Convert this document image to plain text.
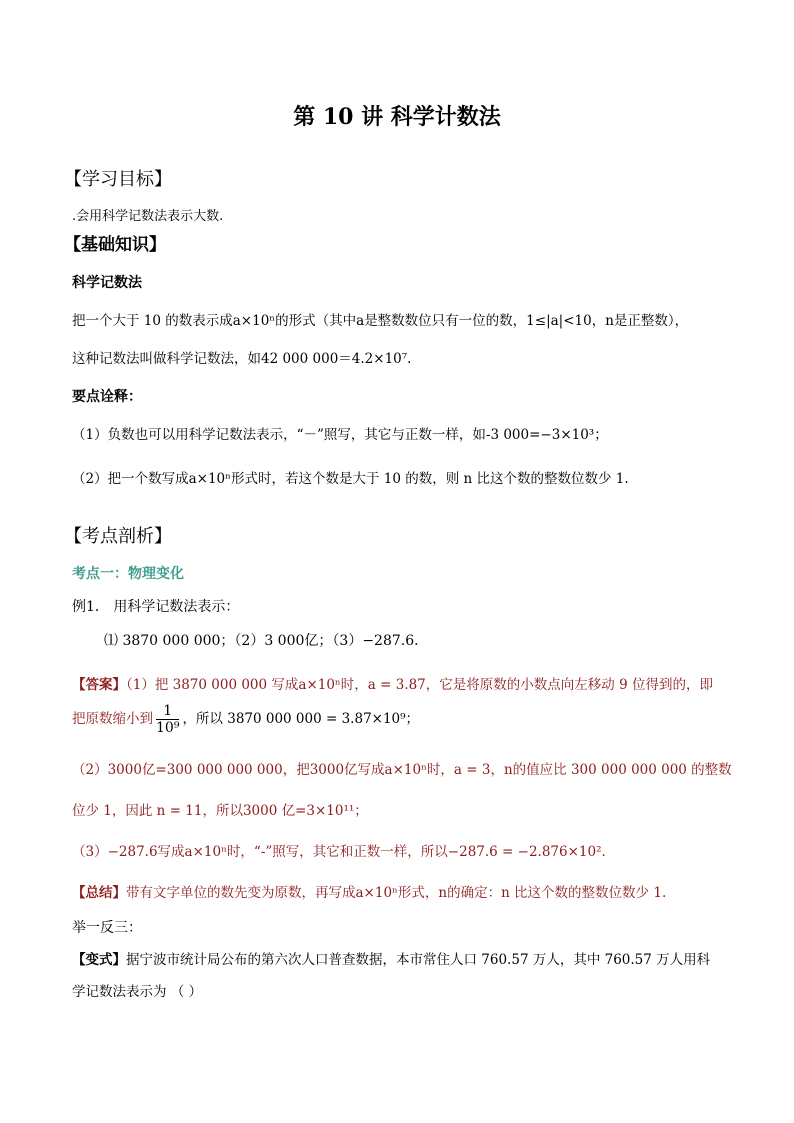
第 10 讲 科学计数法
【学习目标】
.会用科学记数法表示大数.
【基础知识】
科学记数法
把一个大于 10 的数表示成a×10ⁿ的形式（其中a是整数数位只有一位的数，1≤|a|<10，n是正整数），
这种记数法叫做科学记数法，如42 000 000＝4.2×10⁷.
要点诠释：
（1）负数也可以用科学记数法表示，“－”照写，其它与正数一样，如-3 000=−3×10³；
（2）把一个数写成a×10ⁿ形式时，若这个数是大于 10 的数，则 n 比这个数的整数位数少 1.
【考点剖析】
考点一：物理变化
例1． 用科学记数法表示：
⑴ 3870 000 000；（2）3 000亿；（3）−287.6．
【答案】（1）把 3870 000 000 写成a×10ⁿ时，a = 3.87，它是将原数的小数点向左移动 9 位得到的，即
把原数缩小到 $\frac{1}{\text{10⁹}}$ ，所以 3870 000 000 = 3.87×10⁹；
（2）3000亿=300 000 000 000，把3000亿写成a×10ⁿ时，a = 3，n的值应比 300 000 000 000 的整数
位少 1，因此 n = 11，所以3000 亿=3×10¹¹；
（3）−287.6写成a×10ⁿ时，“-”照写，其它和正数一样，所以−287.6 = −2.876×10².
【总结】带有文字单位的数先变为原数，再写成a×10ⁿ形式，n的确定：n 比这个数的整数位数少 1.
举一反三：
【变式】据宁波市统计局公布的第六次人口普查数据，本市常住人口 760.57 万人，其中 760.57 万人用科
学记数法表示为 （ ）
